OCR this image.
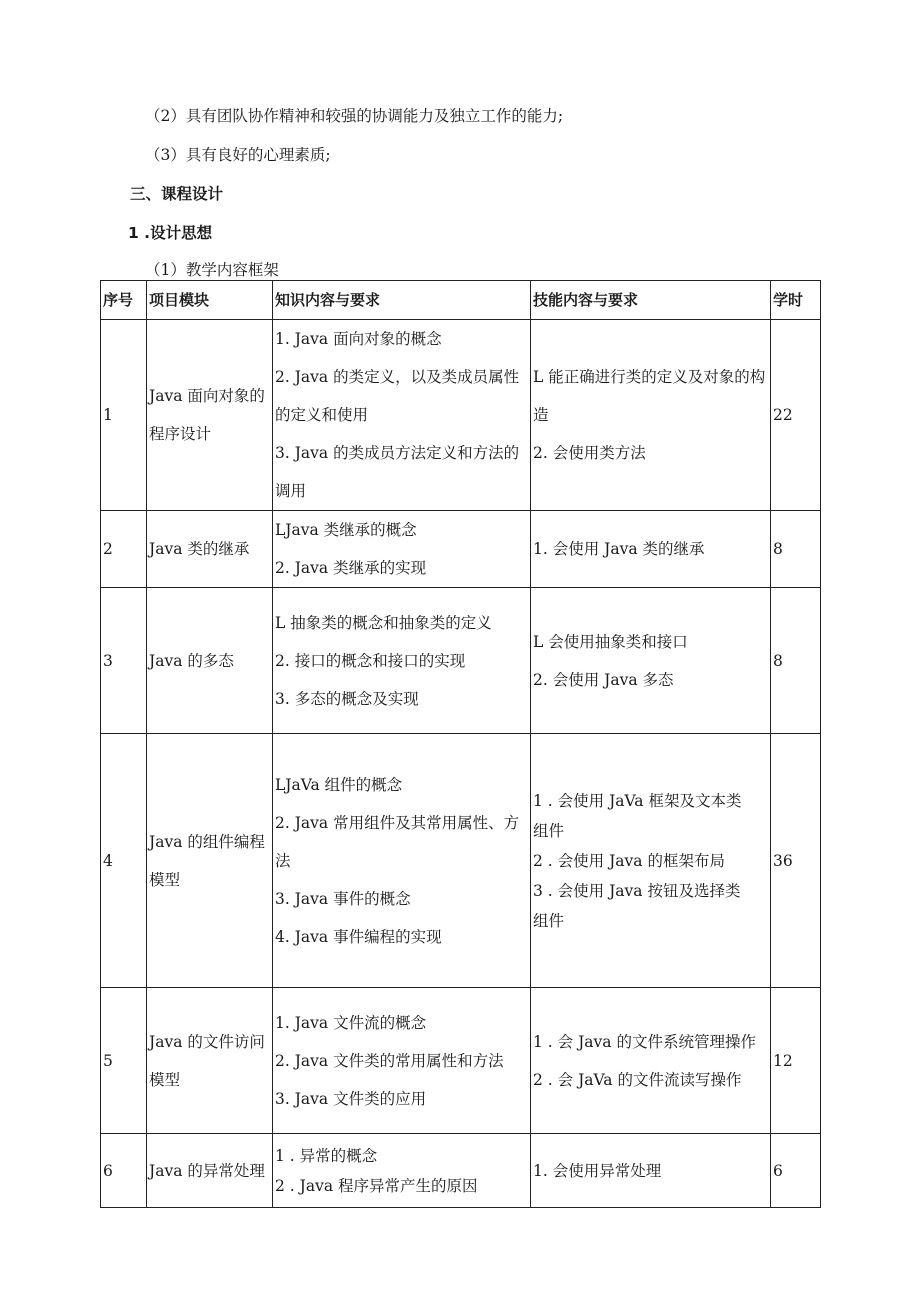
（2）具有团队协作精神和较强的协调能力及独立工作的能力;
（3）具有良好的心理素质;
三、课程设计
1 .设计思想
（1）教学内容框架
序号	项目模块	知识内容与要求	技能内容与要求	学时
1	Java 面向对象的程序设计	1. Java 面向对象的概念
2. Java 的类定义，以及类成员属性的定义和使用
3. Java 的类成员方法定义和方法的调用	L 能正确进行类的定义及对象的构造
2. 会使用类方法	22
2	Java 类的继承	LJava 类继承的概念
2. Java 类继承的实现	1. 会使用 Java 类的继承	8
3	Java 的多态	L 抽象类的概念和抽象类的定义
2. 接口的概念和接口的实现
3. 多态的概念及实现	L 会使用抽象类和接口
2. 会使用 Java 多态	8
4	Java 的组件编程模型	LJaVa 组件的概念
2. Java 常用组件及其常用属性、方法
3. Java 事件的概念
4. Java 事件编程的实现	1 . 会使用 JaVa 框架及文本类
组件
2 . 会使用 Java 的框架布局
3 . 会使用 Java 按钮及选择类
组件	36
5	Java 的文件访问模型	1. Java 文件流的概念
2. Java 文件类的常用属性和方法
3. Java 文件类的应用	1 . 会 Java 的文件系统管理操作
2 . 会 JaVa 的文件流读写操作	12
6	Java 的异常处理	1 . 异常的概念
2 . Java 程序异常产生的原因	1. 会使用异常处理	6
